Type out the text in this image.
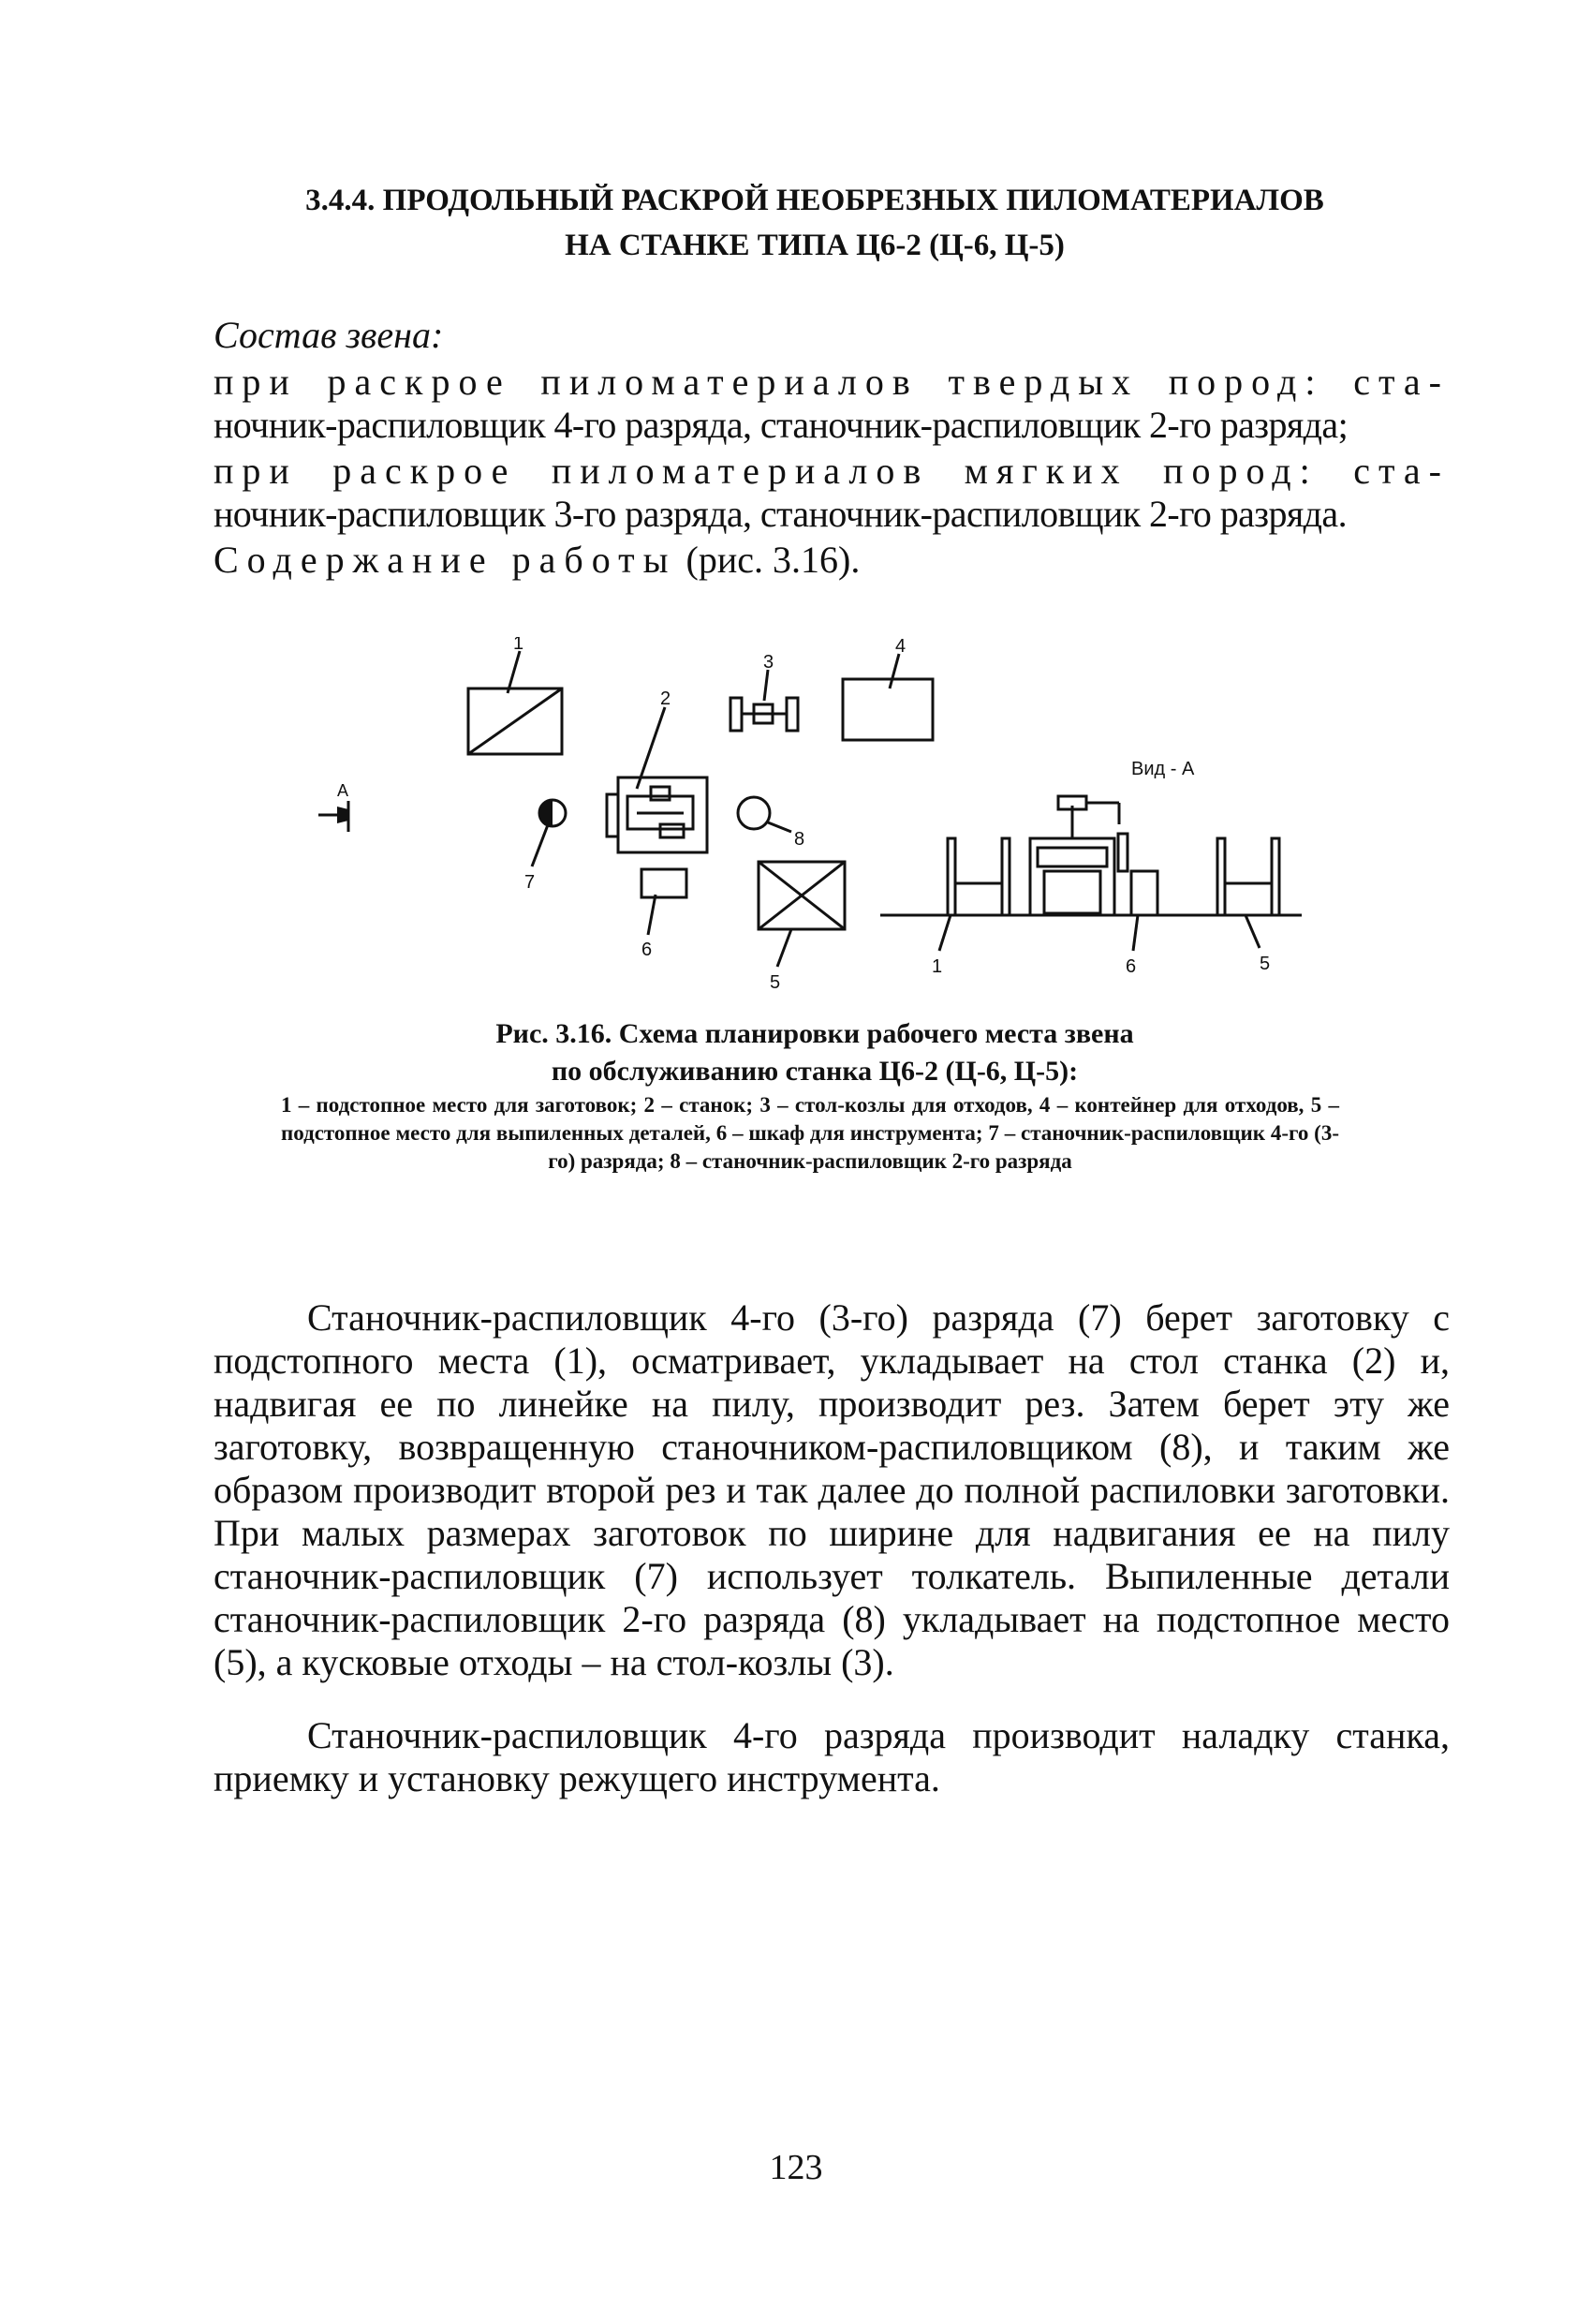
3.4.4. ПРОДОЛЬНЫЙ РАСКРОЙ НЕОБРЕЗНЫХ ПИЛОМАТЕРИАЛОВ
НА СТАНКЕ ТИПА Ц6-2 (Ц-6, Ц-5)
Состав звена:
при раскрое пиломатериалов твердых пород: ста-
ночник-распиловщик 4-го разряда, станочник-распиловщик 2-го разряда;
при раскрое пиломатериалов мягких пород: ста-
ночник-распиловщик 3-го разряда, станочник-распиловщик 2-го разряда.
Содержание работы (рис. 3.16).
1
2
3
4
5
6
7
8
А
Вид - А
1	6	5
Рис. 3.16. Схема планировки рабочего места звена
по обслуживанию станка Ц6-2 (Ц-6, Ц-5):
1 – подстопное место для заготовок; 2 – станок; 3 – стол-козлы для отходов, 4 – контейнер для отходов, 5 – подстопное место для выпиленных деталей, 6 – шкаф для инструмента; 7 – станочник-распиловщик 4-го (3-го) разряда; 8 – станочник-распиловщик 2-го разряда
Станочник-распиловщик 4-го (3-го) разряда (7) берет заготовку с подстопного места (1), осматривает, укладывает на стол станка (2) и, надвигая ее по линейке на пилу, производит рез. Затем берет эту же заготовку, возвращенную станочником-распиловщиком (8), и таким же образом производит второй рез и так далее до полной распиловки заготовки. При малых размерах заготовок по ширине для надвигания ее на пилу станочник-распиловщик (7) использует толкатель. Выпиленные детали станочник-распиловщик 2-го разряда (8) укладывает на подстопное место (5), а кусковые отходы – на стол-козлы (3).
Станочник-распиловщик 4-го разряда производит наладку станка, приемку и установку режущего инструмента.
123
